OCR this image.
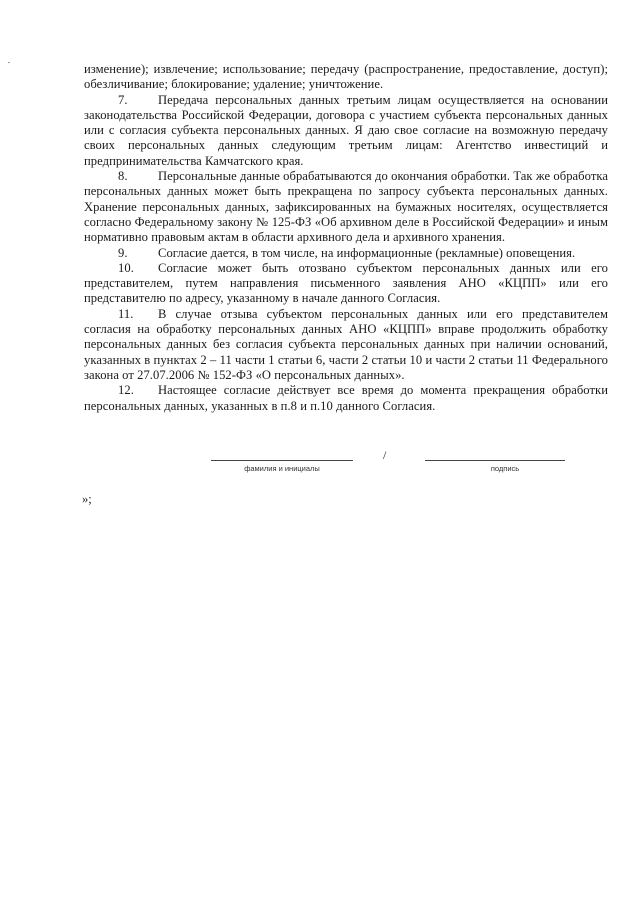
изменение); извлечение; использование; передачу (распространение, предоставление, доступ); обезличивание; блокирование; удаление; уничтожение.

7. Передача персональных данных третьим лицам осуществляется на основании законодательства Российской Федерации, договора с участием субъекта персональных данных или с согласия субъекта персональных данных. Я даю свое согласие на возможную передачу своих персональных данных следующим третьим лицам: Агентство инвестиций и предпринимательства Камчатского края.

8. Персональные данные обрабатываются до окончания обработки. Так же обработка персональных данных может быть прекращена по запросу субъекта персональных данных. Хранение персональных данных, зафиксированных на бумажных носителях, осуществляется согласно Федеральному закону № 125-ФЗ «Об архивном деле в Российской Федерации» и иным нормативно правовым актам в области архивного дела и архивного хранения.

9. Согласие дается, в том числе, на информационные (рекламные) оповещения.

10. Согласие может быть отозвано субъектом персональных данных или его представителем, путем направления письменного заявления АНО «КЦПП» или его представителю по адресу, указанному в начале данного Согласия.

11. В случае отзыва субъектом персональных данных или его представителем согласия на обработку персональных данных АНО «КЦПП» вправе продолжить обработку персональных данных без согласия субъекта персональных данных при наличии оснований, указанных в пунктах 2 – 11 части 1 статьи 6, части 2 статьи 10 и части 2 статьи 11 Федерального закона от 27.07.2006 № 152-ФЗ «О персональных данных».

12. Настоящее согласие действует все время до момента прекращения обработки персональных данных, указанных в п.8 и п.10 данного Согласия.

/
фамилия и инициалы	подпись
»;
